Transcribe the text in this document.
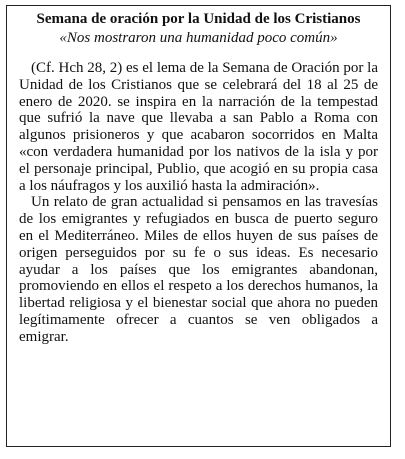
Semana de oración por la Unidad de los Cristianos
«Nos mostraron una humanidad poco común»

(Cf. Hch 28, 2) es el lema de la Semana de Oración por la Unidad de los Cristianos que se celebrará del 18 al 25 de enero de 2020. se inspira en la narración de la tempestad que sufrió la nave que llevaba a san Pablo a Roma con algunos prisioneros y que acabaron socorridos en Malta «con verdadera humanidad por los nativos de la isla y por el personaje principal, Publio, que acogió en su propia casa a los náufragos y los auxilió hasta la admiración».

Un relato de gran actualidad si pensamos en las travesías de los emigrantes y refugiados en busca de puerto seguro en el Mediterráneo. Miles de ellos huyen de sus países de origen perseguidos por su fe o sus ideas. Es necesario ayudar a los países que los emigrantes abandonan, promoviendo en ellos el respeto a los derechos humanos, la libertad religiosa y el bienestar social que ahora no pueden legítimamente ofrecer a cuantos se ven obligados a emigrar.
